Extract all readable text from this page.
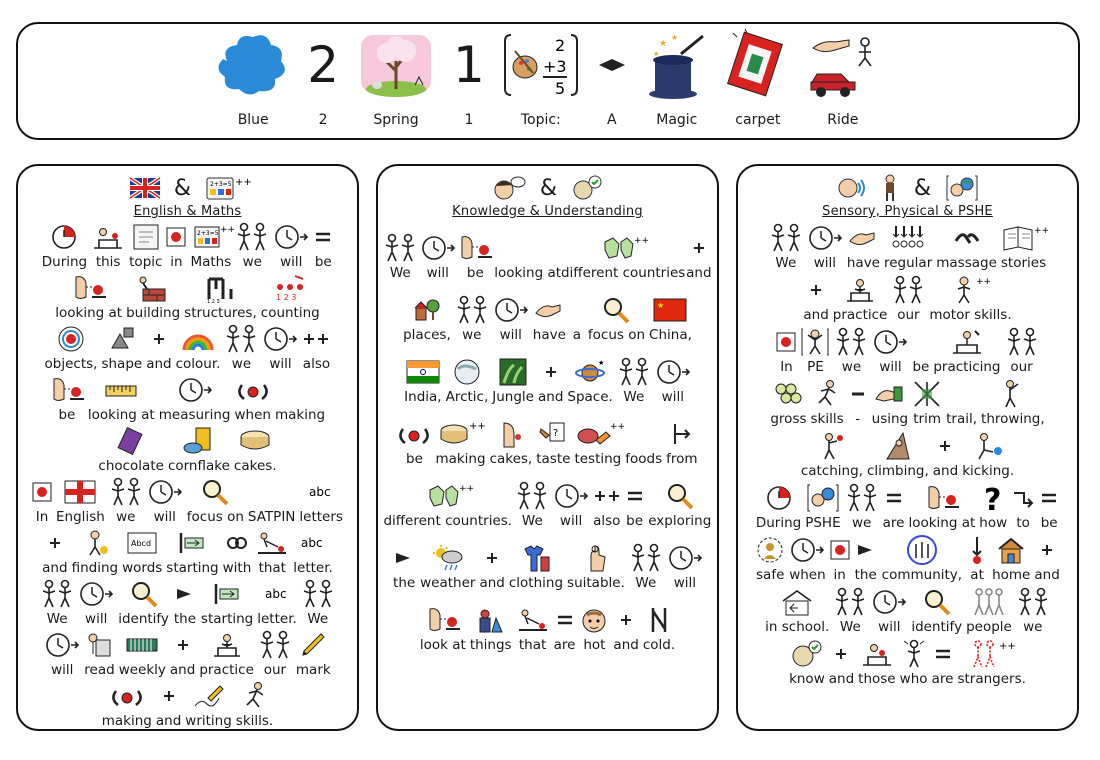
Blue
2
2	Spring
1
1
2
+3
5
Topic:	A
★
★
★
Magic	carpet	Ride
&	2+3=5 ++
English & Maths
During this topic in
2+3=5 ++
Maths we will be
looking at building
1 2 3
structures,
1 2 3
counting
objects, shape and colour. we will also
be looking at measuring when making
chocolate cornflake cakes.
In English we will focus on SATPIN
abc
letters
and finding
Abcd
words starting with that
abc
letter.
We will identify the starting
abc
letter. We
will read weekly and practice our mark
making and writing skills.
&
Knowledge & Understanding
We will be looking at
++
different countries and
places, we will have a focus on
★
China,
India, Arctic, Jungle and
★
Space. We will
be
++
making cakes,
?
taste
++
testing foods from
++
different countries. We will also be exploring
the weather and clothing suitable. We will
look at things that are hot and cold.
&
Sensory, Physical & PSHE
We will have regular massage
++
stories
and practice our
++
motor skills.
In PE we will be practicing our
gross skills - using trim trail, throwing,
catching, climbing, and kicking.
During PSHE we are looking at
?
how to be
safe when in the community, at home and
in school. We will identify people we
know and those who are
++
strangers.
